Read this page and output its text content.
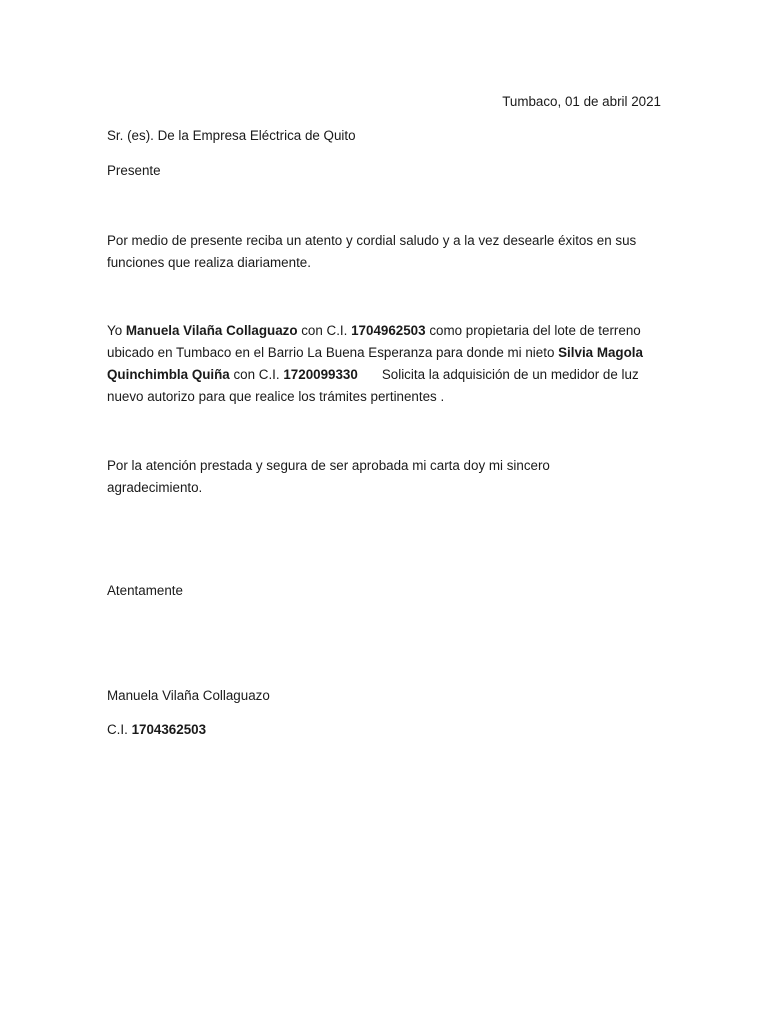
Tumbaco, 01 de abril 2021
Sr. (es). De la Empresa Eléctrica de Quito
Presente
Por medio de presente reciba un atento y cordial saludo y a la vez desearle éxitos en sus
funciones que realiza diariamente.
Yo Manuela Vilaña Collaguazo con C.I. 1704962503 como propietaria del lote de terreno
ubicado en Tumbaco en el Barrio La Buena Esperanza para donde mi nieto Silvia Magola
Quinchimbla Quiña con C.I. 1720099330 Solicita la adquisición de un medidor de luz
nuevo autorizo para que realice los trámites pertinentes .
Por la atención prestada y segura de ser aprobada mi carta doy mi sincero
agradecimiento.
Atentamente
Manuela Vilaña Collaguazo
C.I. 1704362503
